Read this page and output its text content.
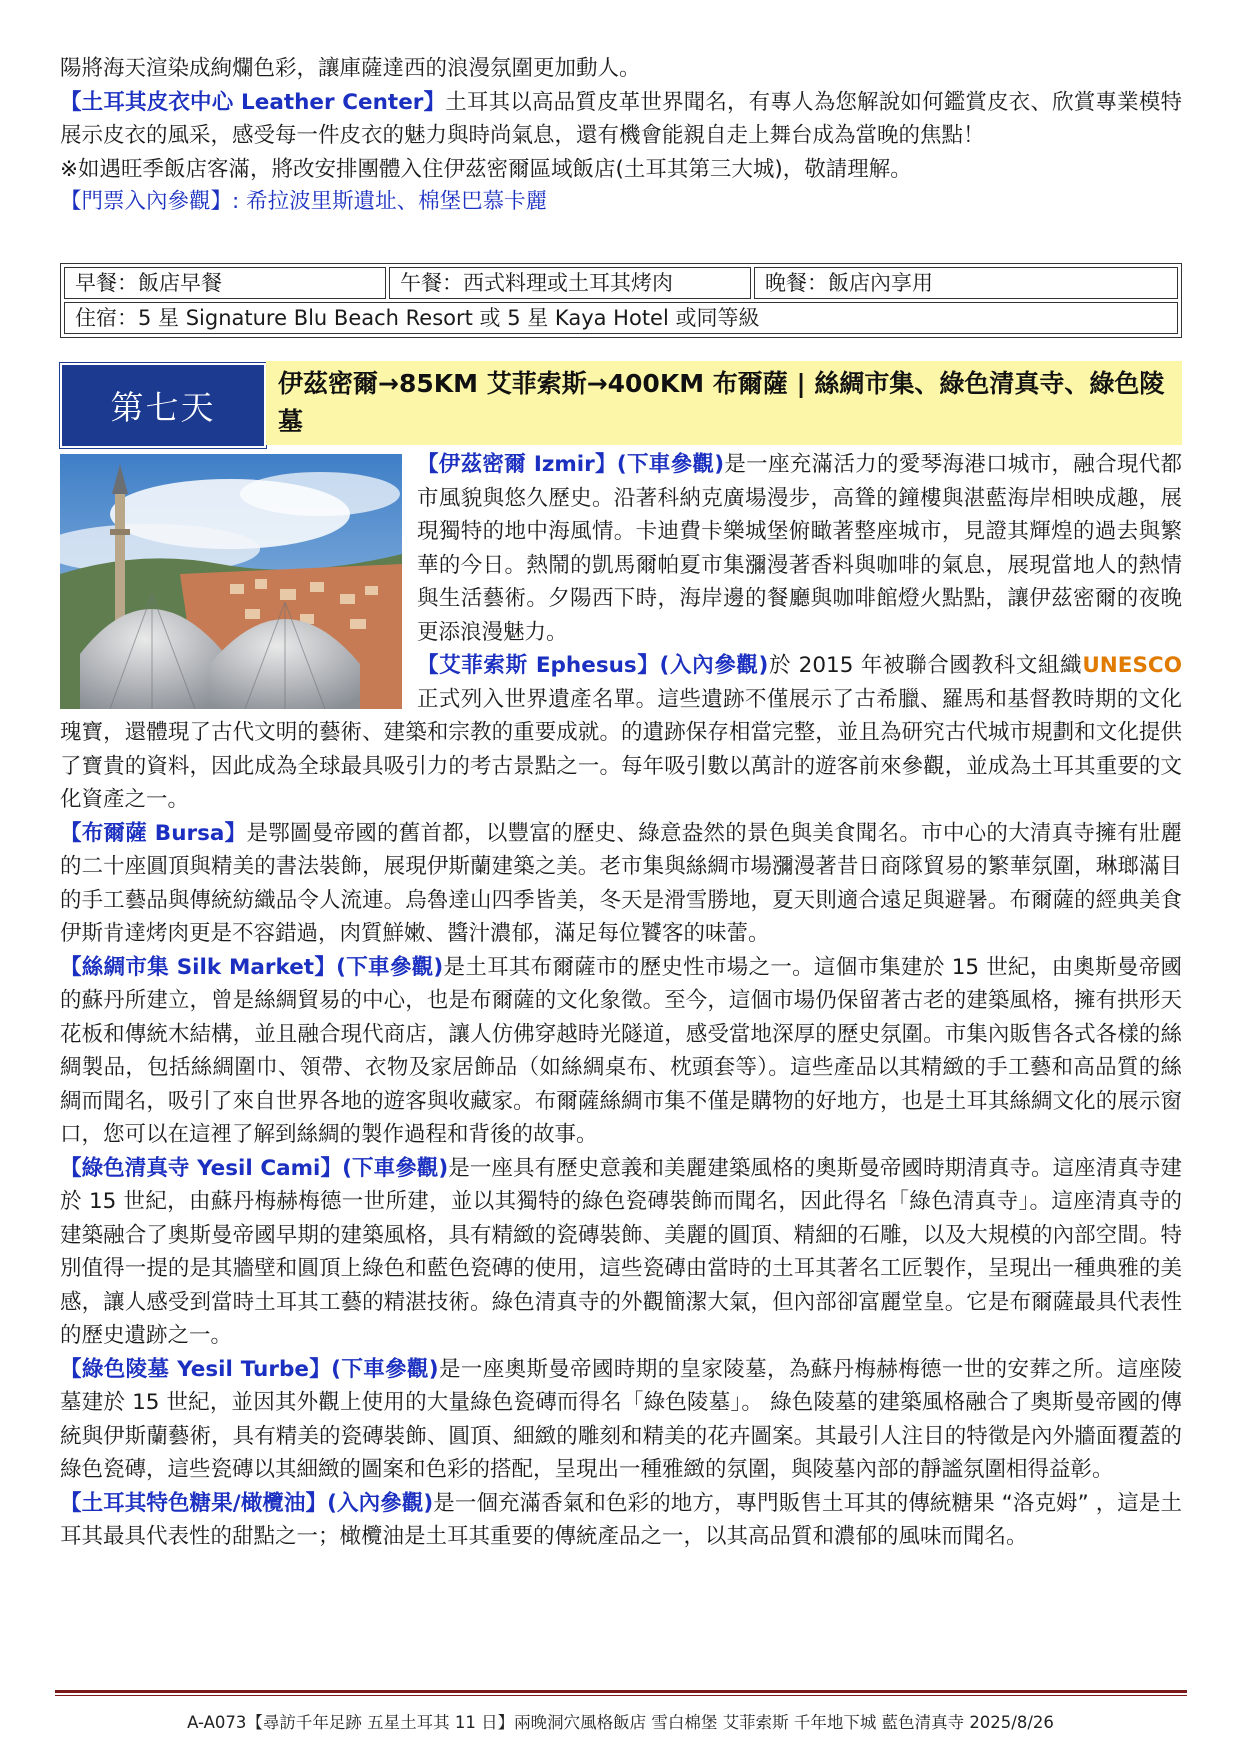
陽將海天渲染成絢爛色彩，讓庫薩達西的浪漫氛圍更加動人。

【土耳其皮衣中心 Leather Center】土耳其以高品質皮革世界聞名，有專人為您解說如何鑑賞皮衣、欣賞專業模特展示皮衣的風采，感受每一件皮衣的魅力與時尚氣息，還有機會能親自走上舞台成為當晚的焦點！

※如遇旺季飯店客滿，將改安排團體入住伊茲密爾區域飯店(土耳其第三大城)，敬請理解。

【門票入內參觀】: 希拉波里斯遺址、棉堡巴慕卡麗
早餐：飯店早餐	午餐：西式料理或土耳其烤肉	晚餐：飯店內享用
住宿：5 星 Signature Blu Beach Resort 或 5 星 Kaya Hotel 或同等級
第七天
伊茲密爾→85KM 艾菲索斯→400KM 布爾薩 | 絲綢市集、綠色清真寺、綠色陵墓

【伊茲密爾 Izmir】(下車參觀)是一座充滿活力的愛琴海港口城市，融合現代都市風貌與悠久歷史。沿著科納克廣場漫步，高聳的鐘樓與湛藍海岸相映成趣，展現獨特的地中海風情。卡迪費卡樂城堡俯瞰著整座城市，見證其輝煌的過去與繁華的今日。熱鬧的凱馬爾帕夏市集瀰漫著香料與咖啡的氣息，展現當地人的熱情與生活藝術。夕陽西下時，海岸邊的餐廳與咖啡館燈火點點，讓伊茲密爾的夜晚更添浪漫魅力。

【艾菲索斯 Ephesus】(入內參觀)於 2015 年被聯合國教科文組織UNESCO 正式列入世界遺產名單。這些遺跡不僅展示了古希臘、羅馬和基督教時期的文化瑰寶，還體現了古代文明的藝術、建築和宗教的重要成就。的遺跡保存相當完整，並且為研究古代城市規劃和文化提供了寶貴的資料，因此成為全球最具吸引力的考古景點之一。每年吸引數以萬計的遊客前來參觀，並成為土耳其重要的文化資產之一。

【布爾薩 Bursa】是鄂圖曼帝國的舊首都，以豐富的歷史、綠意盎然的景色與美食聞名。市中心的大清真寺擁有壯麗的二十座圓頂與精美的書法裝飾，展現伊斯蘭建築之美。老市集與絲綢市場瀰漫著昔日商隊貿易的繁華氛圍，琳瑯滿目的手工藝品與傳統紡織品令人流連。烏魯達山四季皆美，冬天是滑雪勝地，夏天則適合遠足與避暑。布爾薩的經典美食伊斯肯達烤肉更是不容錯過，肉質鮮嫩、醬汁濃郁，滿足每位饕客的味蕾。

【絲綢市集 Silk Market】(下車參觀)是土耳其布爾薩市的歷史性市場之一。這個市集建於 15 世紀，由奧斯曼帝國的蘇丹所建立，曾是絲綢貿易的中心，也是布爾薩的文化象徵。至今，這個市場仍保留著古老的建築風格，擁有拱形天花板和傳統木結構，並且融合現代商店，讓人仿佛穿越時光隧道，感受當地深厚的歷史氛圍。市集內販售各式各樣的絲綢製品，包括絲綢圍巾、領帶、衣物及家居飾品（如絲綢桌布、枕頭套等）。這些產品以其精緻的手工藝和高品質的絲綢而聞名，吸引了來自世界各地的遊客與收藏家。布爾薩絲綢市集不僅是購物的好地方，也是土耳其絲綢文化的展示窗口，您可以在這裡了解到絲綢的製作過程和背後的故事。

【綠色清真寺 Yesil Cami】(下車參觀)是一座具有歷史意義和美麗建築風格的奧斯曼帝國時期清真寺。這座清真寺建於 15 世紀，由蘇丹梅赫梅德一世所建，並以其獨特的綠色瓷磚裝飾而聞名，因此得名「綠色清真寺」。這座清真寺的建築融合了奧斯曼帝國早期的建築風格，具有精緻的瓷磚裝飾、美麗的圓頂、精細的石雕，以及大規模的內部空間。特別值得一提的是其牆壁和圓頂上綠色和藍色瓷磚的使用，這些瓷磚由當時的土耳其著名工匠製作，呈現出一種典雅的美感，讓人感受到當時土耳其工藝的精湛技術。綠色清真寺的外觀簡潔大氣，但內部卻富麗堂皇。它是布爾薩最具代表性的歷史遺跡之一。

【綠色陵墓 Yesil Turbe】(下車參觀)是一座奧斯曼帝國時期的皇家陵墓，為蘇丹梅赫梅德一世的安葬之所。這座陵墓建於 15 世紀，並因其外觀上使用的大量綠色瓷磚而得名「綠色陵墓」。 綠色陵墓的建築風格融合了奧斯曼帝國的傳統與伊斯蘭藝術，具有精美的瓷磚裝飾、圓頂、細緻的雕刻和精美的花卉圖案。其最引人注目的特徵是內外牆面覆蓋的綠色瓷磚，這些瓷磚以其細緻的圖案和色彩的搭配，呈現出一種雅緻的氛圍，與陵墓內部的靜謐氛圍相得益彰。

【土耳其特色糖果/橄欖油】(入內參觀)是一個充滿香氣和色彩的地方，專門販售土耳其的傳統糖果 “洛克姆” ，這是土耳其最具代表性的甜點之一；橄欖油是土耳其重要的傳統產品之一，以其高品質和濃郁的風味而聞名。

A-A073【尋訪千年足跡 五星土耳其 11 日】兩晚洞穴風格飯店 雪白棉堡 艾菲索斯 千年地下城 藍色清真寺 2025/8/26
